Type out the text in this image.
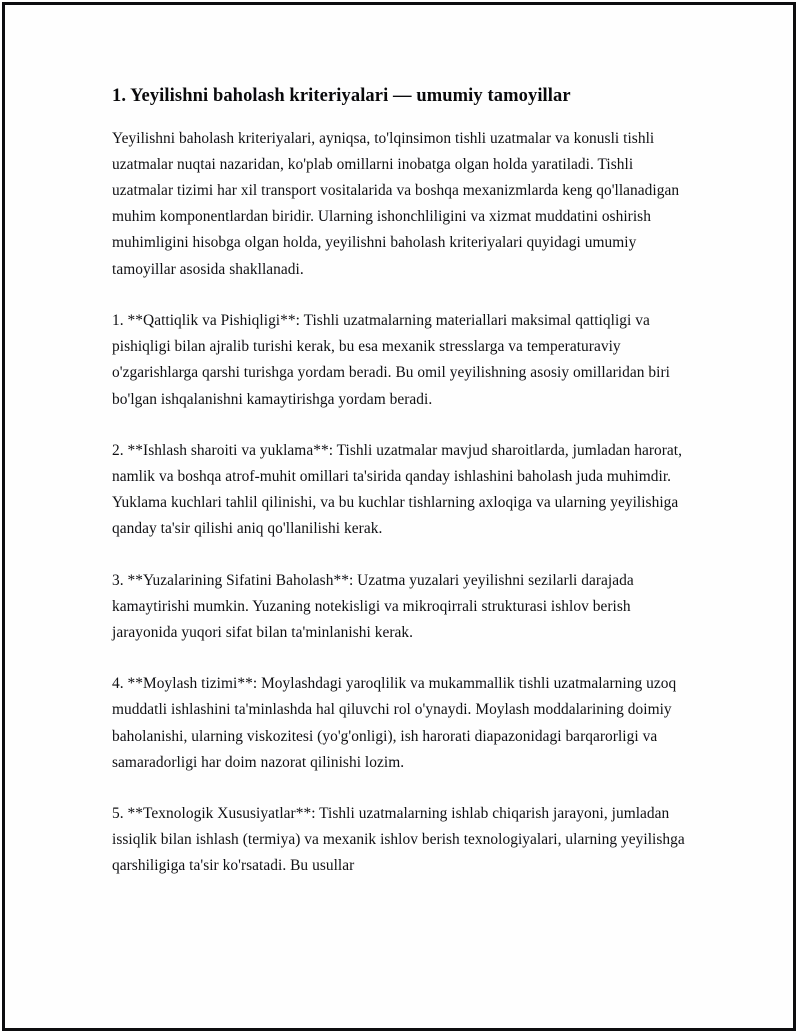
1. Yeyilishni baholash kriteriyalari — umumiy tamoyillar

Yeyilishni baholash kriteriyalari, ayniqsa, to'lqinsimon tishli uzatmalar va konusli tishli uzatmalar nuqtai nazaridan, ko'plab omillarni inobatga olgan holda yaratiladi. Tishli uzatmalar tizimi har xil transport vositalarida va boshqa mexanizmlarda keng qo'llanadigan muhim komponentlardan biridir. Ularning ishonchliligini va xizmat muddatini oshirish muhimligini hisobga olgan holda, yeyilishni baholash kriteriyalari quyidagi umumiy tamoyillar asosida shakllanadi.

1. **Qattiqlik va Pishiqligi**: Tishli uzatmalarning materiallari maksimal qattiqligi va pishiqligi bilan ajralib turishi kerak, bu esa mexanik stresslarga va temperaturaviy o'zgarishlarga qarshi turishga yordam beradi. Bu omil yeyilishning asosiy omillaridan biri bo'lgan ishqalanishni kamaytirishga yordam beradi.

2. **Ishlash sharoiti va yuklama**: Tishli uzatmalar mavjud sharoitlarda, jumladan harorat, namlik va boshqa atrof-muhit omillari ta'sirida qanday ishlashini baholash juda muhimdir. Yuklama kuchlari tahlil qilinishi, va bu kuchlar tishlarning axloqiga va ularning yeyilishiga qanday ta'sir qilishi aniq qo'llanilishi kerak.

3. **Yuzalarining Sifatini Baholash**: Uzatma yuzalari yeyilishni sezilarli darajada kamaytirishi mumkin. Yuzaning notekisligi va mikroqirrali strukturasi ishlov berish jarayonida yuqori sifat bilan ta'minlanishi kerak.

4. **Moylash tizimi**: Moylashdagi yaroqlilik va mukammallik tishli uzatmalarning uzoq muddatli ishlashini ta'minlashda hal qiluvchi rol o'ynaydi. Moylash moddalarining doimiy baholanishi, ularning viskozitesi (yo'g'onligi), ish harorati diapazonidagi barqarorligi va samaradorligi har doim nazorat qilinishi lozim.

5. **Texnologik Xususiyatlar**: Tishli uzatmalarning ishlab chiqarish jarayoni, jumladan issiqlik bilan ishlash (termiya) va mexanik ishlov berish texnologiyalari, ularning yeyilishga qarshiligiga ta'sir ko'rsatadi. Bu usullar
